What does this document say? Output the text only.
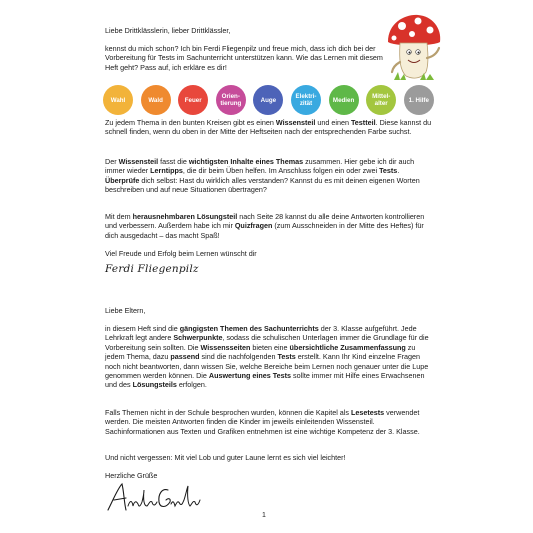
Liebe Drittklässlerin, lieber Drittklässler,
kennst du mich schon? Ich bin Ferdi Fliegenpilz und freue mich, dass ich dich bei der Vorbereitung für Tests im Sachunterricht unterstützen kann. Wie das Lernen mit diesem Heft geht? Pass auf, ich erkläre es dir!
Wahl	Wald	Feuer	Orien-tierung	Auge	Elektri-zität	Medien	Mittel-alter	1. Hilfe
Zu jedem Thema in den bunten Kreisen gibt es einen Wissensteil und einen Testteil. Diese kannst du schnell finden, wenn du oben in der Mitte der Heftseiten nach der entsprechenden Farbe suchst.
Der Wissensteil fasst die wichtigsten Inhalte eines Themas zusammen. Hier gebe ich dir auch immer wieder Lerntipps, die dir beim Üben helfen. Im Anschluss folgen ein oder zwei Tests. Überprüfe dich selbst: Hast du wirklich alles verstanden? Kannst du es mit deinen eigenen Worten beschreiben und auf neue Situationen übertragen?
Mit dem herausnehmbaren Lösungsteil nach Seite 28 kannst du alle deine Antworten kontrollieren und verbessern. Außerdem habe ich mir Quizfragen (zum Ausschneiden in der Mitte des Heftes) für dich ausgedacht – das macht Spaß!
Viel Freude und Erfolg beim Lernen wünscht dir
Ferdi Fliegenpilz
Liebe Eltern,
in diesem Heft sind die gängigsten Themen des Sachunterrichts der 3. Klasse aufgeführt. Jede Lehrkraft legt andere Schwerpunkte, sodass die schulischen Unterlagen immer die Grundlage für die Vorbereitung sein sollten. Die Wissensseiten bieten eine übersichtliche Zusammenfassung zu jedem Thema, dazu passend sind die nachfolgenden Tests erstellt. Kann Ihr Kind einzelne Fragen noch nicht beantworten, dann wissen Sie, welche Bereiche beim Lernen noch genauer unter die Lupe genommen werden können. Die Auswertung eines Tests sollte immer mit Hilfe eines Erwachsenen und des Lösungsteils erfolgen.
Falls Themen nicht in der Schule besprochen wurden, können die Kapitel als Lesetests verwendet werden. Die meisten Antworten finden die Kinder im jeweils einleitenden Wissensteil. Sachinformationen aus Texten und Grafiken entnehmen ist eine wichtige Kompetenz der 3. Klasse.
Und nicht vergessen: Mit viel Lob und guter Laune lernt es sich viel leichter!
Herzliche Grüße
1
